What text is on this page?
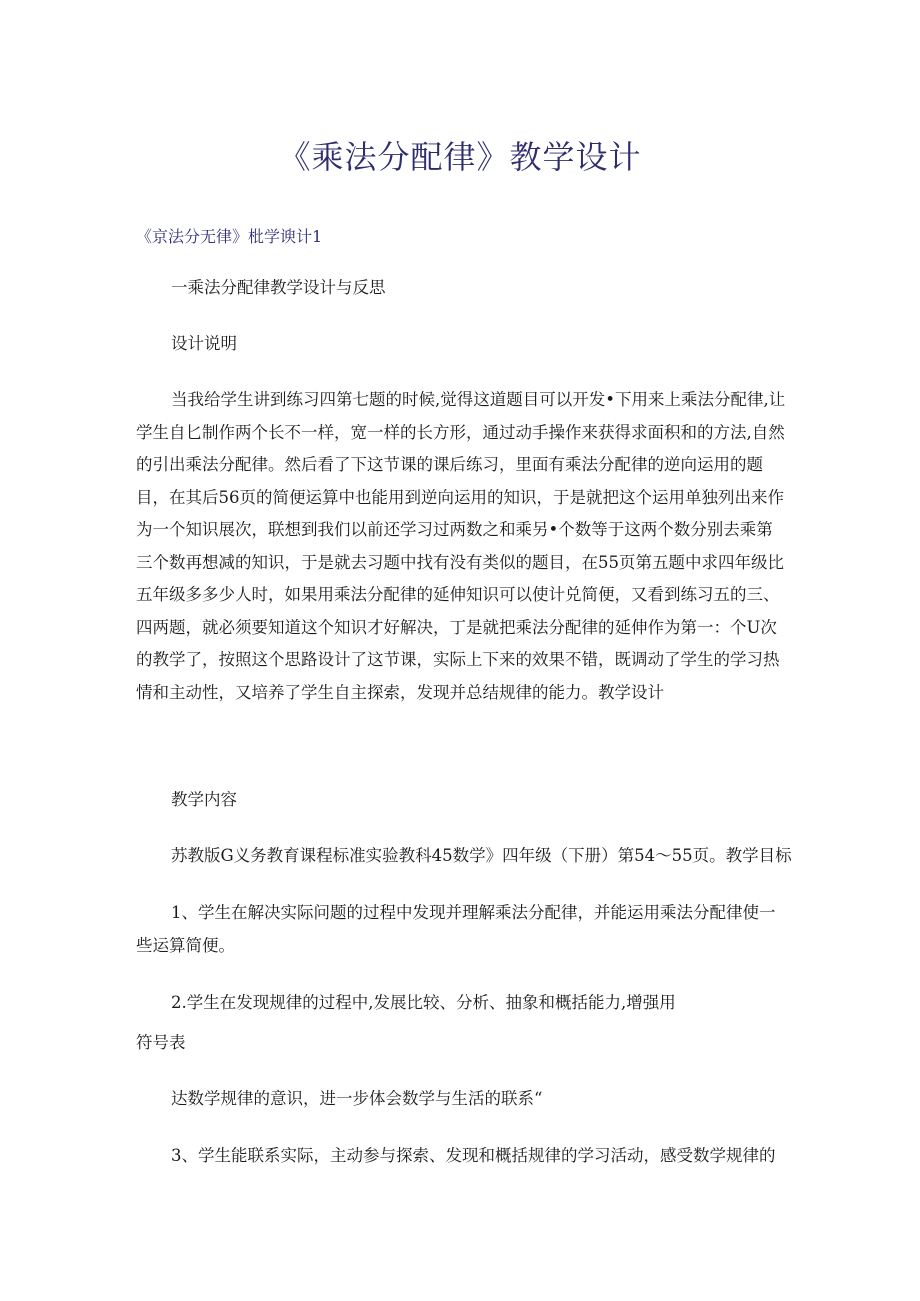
《乘法分配律》教学设计
《京法分无律》枇学谀计1

一乘法分配律教学设计与反思

设计说明

当我给学生讲到练习四第七题的时候,觉得这道题目可以开发•下用来上乘法分配律,让学生自匕制作两个长不一样，宽一样的长方形，通过动手操作来获得求面积和的方法,自然的引出乘法分配律。然后看了下这节课的课后练习，里面有乘法分配律的逆向运用的题目，在其后56页的简便运算中也能用到逆向运用的知识，于是就把这个运用单独列出来作为一个知识展次，联想到我们以前还学习过两数之和乘另•个数等于这两个数分别去乘第三个数再想减的知识，于是就去习题中找有没有类似的题目，在55页第五题中求四年级比五年级多多少人时，如果用乘法分配律的延伸知识可以使计兑简便，又看到练习五的三、四两题，就必须要知道这个知识才好解决，丁是就把乘法分配律的延伸作为第一：个U次的教学了，按照这个思路设计了这节课，实际上下来的效果不错，既调动了学生的学习热情和主动性，又培养了学生自主探索，发现并总结规律的能力。教学设计

教学内容

苏教版G义务教育课程标准实验教科45数学》四年级（下册）第54〜55页。教学目标

1、学生在解决实际问题的过程中发现并理解乘法分配律，并能运用乘法分配律使一些运算简便。

2.学生在发现规律的过程中,发展比较、分析、抽象和概括能力,增强用

符号表

达数学规律的意识，进一步体会数学与生活的联系“

3、学生能联系实际，主动参与探索、发现和概括规律的学习活动，感受数学规律的
